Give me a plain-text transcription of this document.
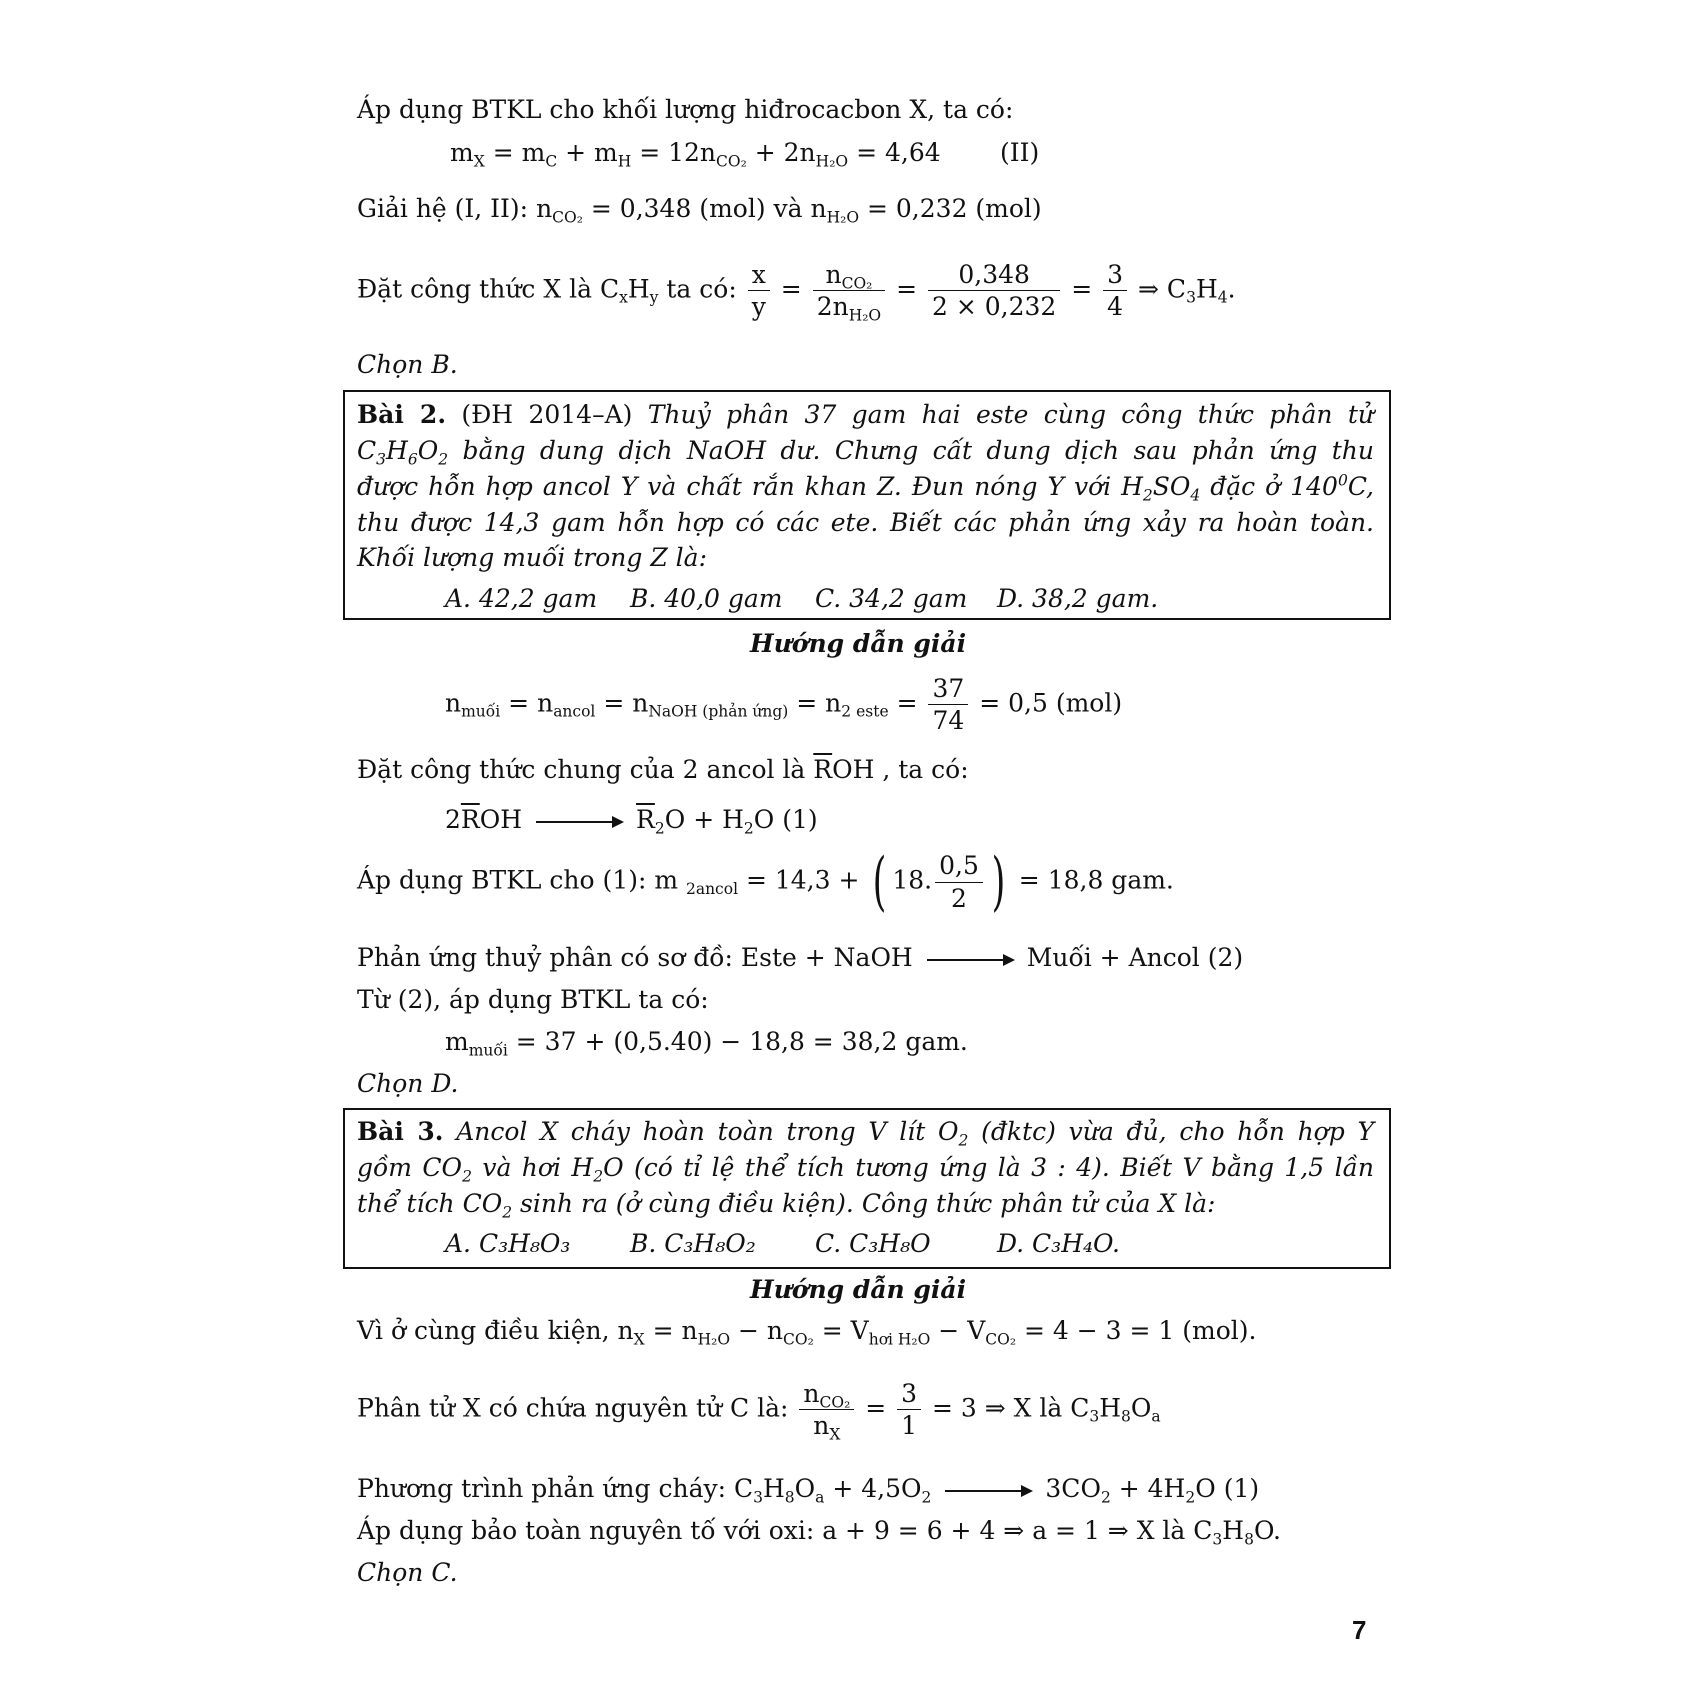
Áp dụng BTKL cho khối lượng hiđrocacbon X, ta có:
$m_X = m_C + m_H = 12n_{CO_2} + 2n_{H_2O} = 4,64$ (II)
Giải hệ (I, II): $n_{CO_2} = 0,348$ (mol) và $n_{H_2O} = 0,232$ (mol)
Đặt công thức X là $C_xH_y$ ta có: $\frac{x}{y} = \frac{n_{CO_2}}{2n_{H_2O}} = \frac{0,348}{2 \times 0,232} = \frac{3}{4}$ ⇒ $C_3H_4$.
Chọn B.
Bài 2. (ĐH 2014–A) Thuỷ phân 37 gam hai este cùng công thức phân tử
$C_3H_6O_2$ bằng dung dịch NaOH dư. Chưng cất dung dịch sau phản ứng thu
được hỗn hợp ancol Y và chất rắn khan Z. Đun nóng Y với $H_2SO_4$ đặc ở $140^0C$,
thu được 14,3 gam hỗn hợp có các ete. Biết các phản ứng xảy ra hoàn toàn.
Khối lượng muối trong Z là:
A. 42,2 gam B. 40,0 gam C. 34,2 gam D. 38,2 gam.
Hướng dẫn giải
$n_{muối} = n_{ancol} = n_{NaOH (phản ứng)} = n_{2 este} = \frac{37}{74} = 0,5$ (mol)
Đặt công thức chung của 2 ancol là $\overline{R}OH$ , ta có:
$2\overline{R}OH \to \overline{R}_2O + H_2O$ (1)
Áp dụng BTKL cho (1): m $_{2ancol}$ = 14,3 + ( 18. $\frac{0,5}{2}$ ) = 18,8 gam.
Phản ứng thuỷ phân có sơ đồ: Este + NaOH → Muối + Ancol (2)
Từ (2), áp dụng BTKL ta có:
$m_{muối} = 37 + (0,5.40) - 18,8 = 38,2$ gam.
Chọn D.
Bài 3. Ancol X cháy hoàn toàn trong V lít $O_2$ (đktc) vừa đủ, cho hỗn hợp Y
gồm $CO_2$ và hơi $H_2O$ (có tỉ lệ thể tích tương ứng là 3 : 4). Biết V bằng 1,5 lần
thể tích $CO_2$ sinh ra (ở cùng điều kiện). Công thức phân tử của X là:
A. C₃H₈O₃ B. C₃H₈O₂ C. C₃H₈O	D. C₃H₄O.
Hướng dẫn giải
Vì ở cùng điều kiện, $n_X = n_{H_2O} - n_{CO_2} = V_{hơi H_2O} - V_{CO_2} = 4 - 3 = 1$ (mol).
Phân tử X có chứa nguyên tử C là: $\frac{n_{CO_2}}{n_X} = \frac{3}{1} = 3$ ⇒ X là $C_3H_8O_a$
Phương trình phản ứng cháy: $C_3H_8O_a + 4,5O_2 \to 3CO_2 + 4H_2O$ (1)
Áp dụng bảo toàn nguyên tố với oxi: a + 9 = 6 + 4 ⇒ a = 1 ⇒ X là $C_3H_8O$.
Chọn C.
7
